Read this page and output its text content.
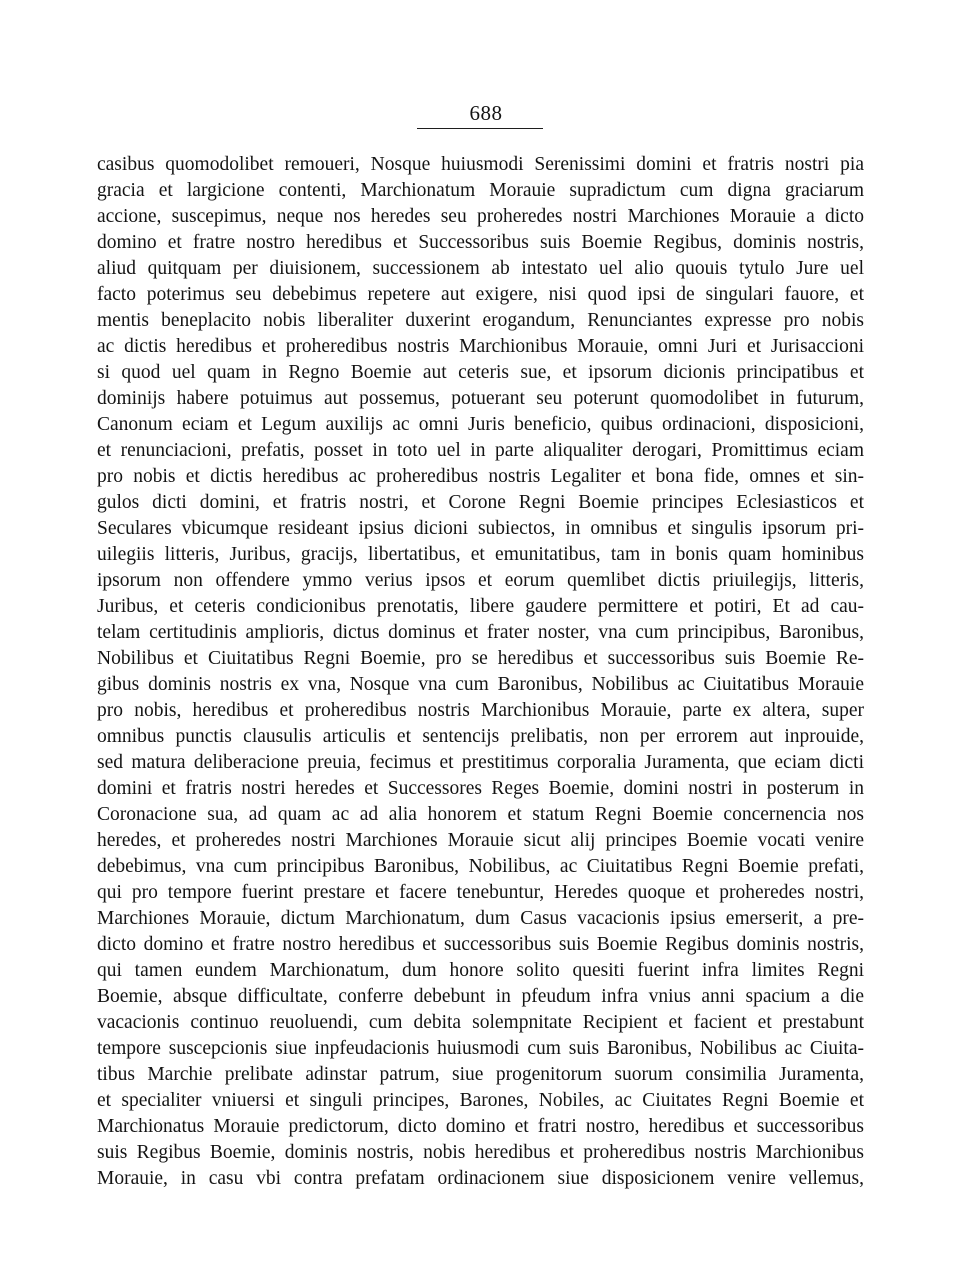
688
casibus quomodolibet remoueri, Nosque huiusmodi Serenissimi domini et fratris nostri pia
gracia et largicione contenti, Marchionatum Morauie supradictum cum digna graciarum
accione, suscepimus, neque nos heredes seu proheredes nostri Marchiones Morauie a dicto
domino et fratre nostro heredibus et Successoribus suis Boemie Regibus, dominis nostris,
aliud quitquam per diuisionem, successionem ab intestato uel alio quouis tytulo Jure uel
facto poterimus seu debebimus repetere aut exigere, nisi quod ipsi de singulari fauore, et
mentis beneplacito nobis liberaliter duxerint erogandum, Renunciantes expresse pro nobis
ac dictis heredibus et proheredibus nostris Marchionibus Morauie, omni Juri et Jurisaccioni
si quod uel quam in Regno Boemie aut ceteris sue, et ipsorum dicionis principatibus et
dominijs habere potuimus aut possemus, potuerant seu poterunt quomodolibet in futurum,
Canonum eciam et Legum auxilijs ac omni Juris beneficio, quibus ordinacioni, disposicioni,
et renunciacioni, prefatis, posset in toto uel in parte aliqualiter derogari, Promittimus eciam
pro nobis et dictis heredibus ac proheredibus nostris Legaliter et bona fide, omnes et sin-
gulos dicti domini, et fratris nostri, et Corone Regni Boemie principes Eclesiasticos et
Seculares vbicumque resideant ipsius dicioni subiectos, in omnibus et singulis ipsorum pri-
uilegiis litteris, Juribus, gracijs, libertatibus, et emunitatibus, tam in bonis quam hominibus
ipsorum non offendere ymmo verius ipsos et eorum quemlibet dictis priuilegijs, litteris,
Juribus, et ceteris condicionibus prenotatis, libere gaudere permittere et potiri, Et ad cau-
telam certitudinis amplioris, dictus dominus et frater noster, vna cum principibus, Baronibus,
Nobilibus et Ciuitatibus Regni Boemie, pro se heredibus et successoribus suis Boemie Re-
gibus dominis nostris ex vna, Nosque vna cum Baronibus, Nobilibus ac Ciuitatibus Morauie
pro nobis, heredibus et proheredibus nostris Marchionibus Morauie, parte ex altera, super
omnibus punctis clausulis articulis et sentencijs prelibatis, non per errorem aut inprouide,
sed matura deliberacione preuia, fecimus et prestitimus corporalia Juramenta, que eciam dicti
domini et fratris nostri heredes et Successores Reges Boemie, domini nostri in posterum in
Coronacione sua, ad quam ac ad alia honorem et statum Regni Boemie concernencia nos
heredes, et proheredes nostri Marchiones Morauie sicut alij principes Boemie vocati venire
debebimus, vna cum principibus Baronibus, Nobilibus, ac Ciuitatibus Regni Boemie prefati,
qui pro tempore fuerint prestare et facere tenebuntur, Heredes quoque et proheredes nostri,
Marchiones Morauie, dictum Marchionatum, dum Casus vacacionis ipsius emerserit, a pre-
dicto domino et fratre nostro heredibus et successoribus suis Boemie Regibus dominis nostris,
qui tamen eundem Marchionatum, dum honore solito quesiti fuerint infra limites Regni
Boemie, absque difficultate, conferre debebunt in pfeudum infra vnius anni spacium a die
vacacionis continuo reuoluendi, cum debita solempnitate Recipient et facient et prestabunt
tempore suscepcionis siue inpfeudacionis huiusmodi cum suis Baronibus, Nobilibus ac Ciuita-
tibus Marchie prelibate adinstar patrum, siue progenitorum suorum consimilia Juramenta,
et specialiter vniuersi et singuli principes, Barones, Nobiles, ac Ciuitates Regni Boemie et
Marchionatus Morauie predictorum, dicto domino et fratri nostro, heredibus et successoribus
suis Regibus Boemie, dominis nostris, nobis heredibus et proheredibus nostris Marchionibus
Morauie, in casu vbi contra prefatam ordinacionem siue disposicionem venire vellemus,
